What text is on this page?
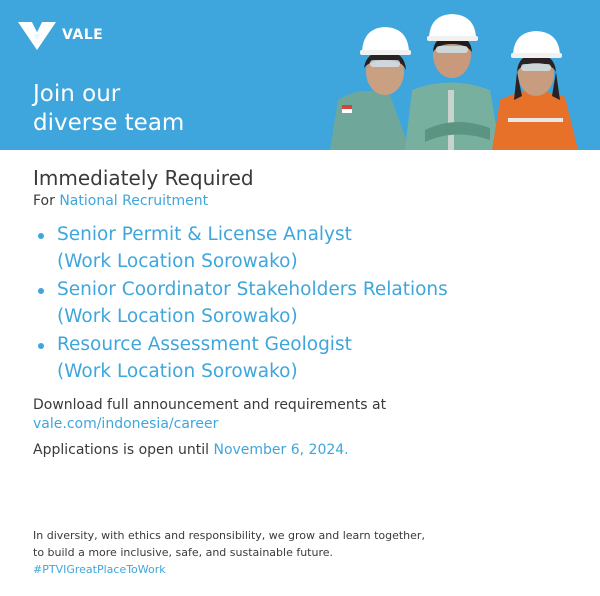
VALE
Join our
diverse team
Immediately Required
For National Recruitment
Senior Permit & License Analyst
(Work Location Sorowako)
Senior Coordinator Stakeholders Relations
(Work Location Sorowako)
Resource Assessment Geologist
(Work Location Sorowako)
Download full announcement and requirements at
vale.com/indonesia/career
Applications is open until November 6, 2024.
In diversity, with ethics and responsibility, we grow and learn together,
to build a more inclusive, safe, and sustainable future.
#PTVIGreatPlaceToWork
